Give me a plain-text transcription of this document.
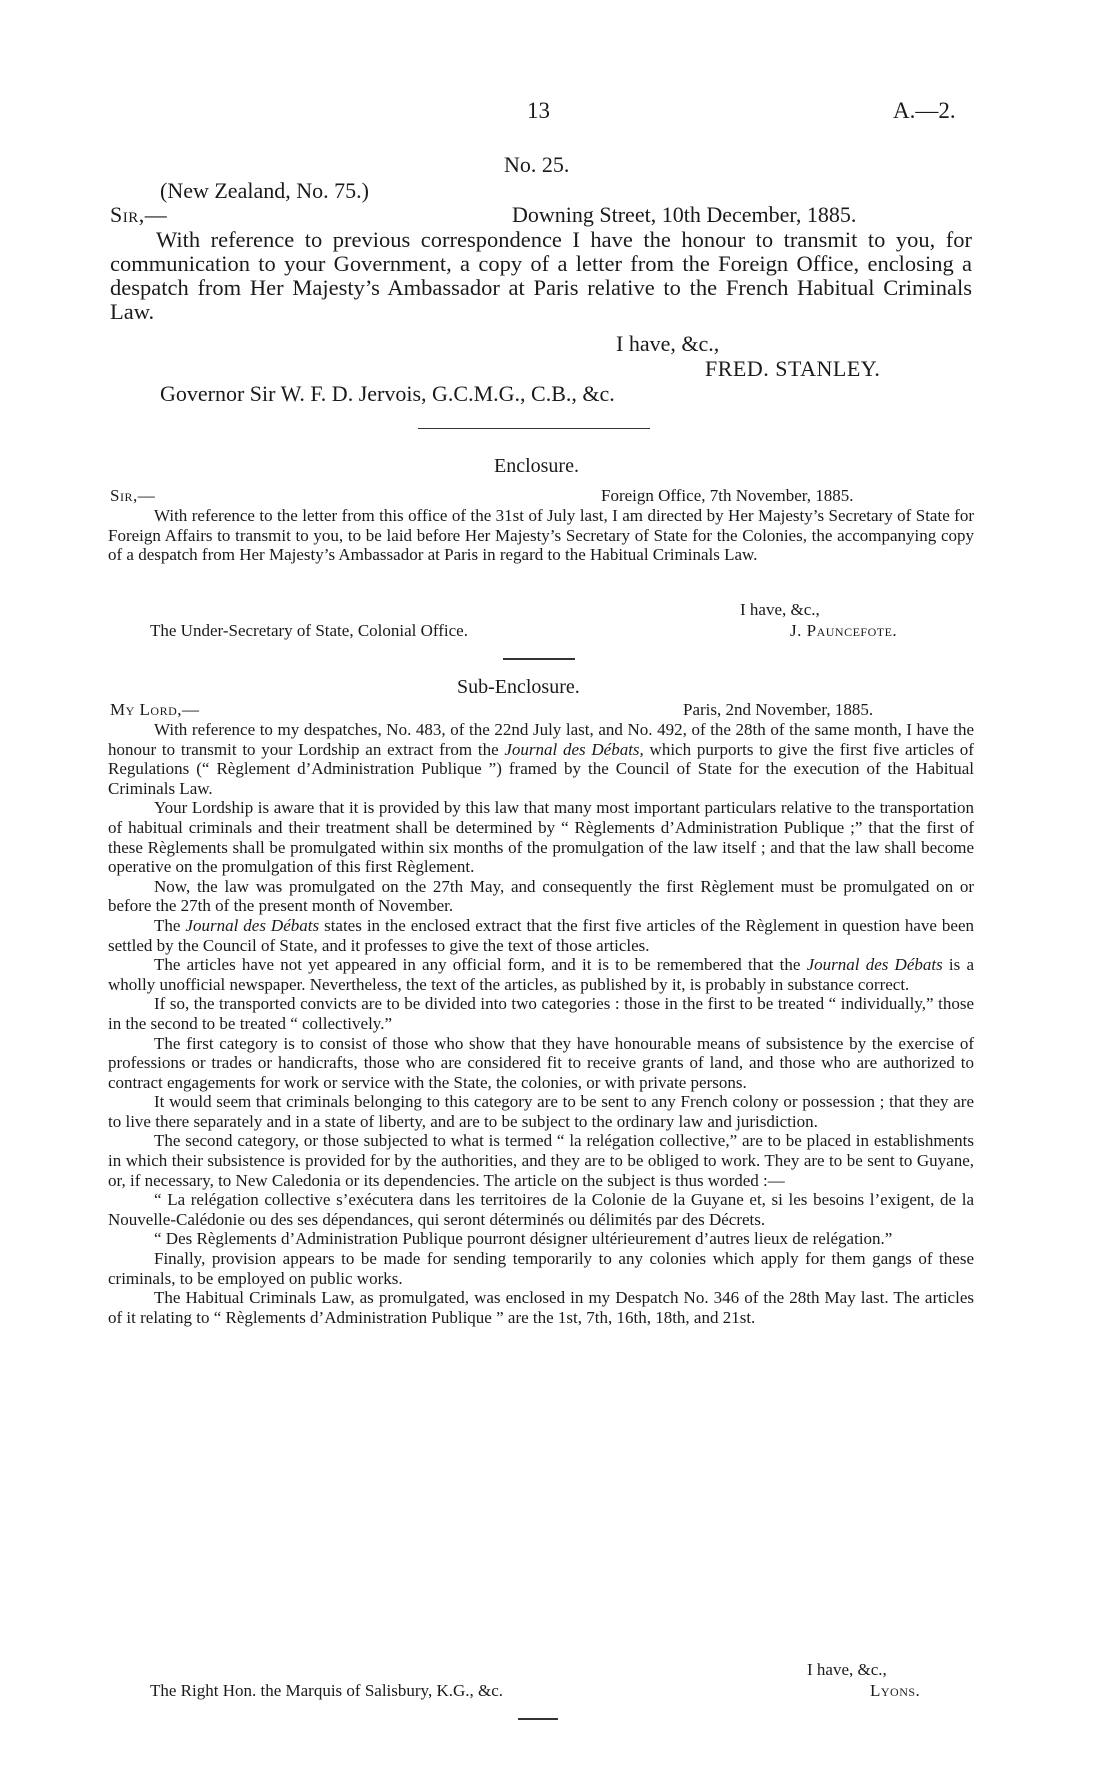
13	A.—2.
No. 25.
(New Zealand, No. 75.)
Sir,—	Downing Street, 10th December, 1885.

With reference to previous correspondence I have the honour to transmit to you, for communication to your Government, a copy of a letter from the Foreign Office, enclosing a despatch from Her Majesty’s Ambassador at Paris relative to the French Habitual Criminals Law.

I have, &c.,
FRED. STANLEY.
Governor Sir W. F. D. Jervois, G.C.M.G., C.B., &c.
Enclosure.
Sir,—	Foreign Office, 7th November, 1885.

With reference to the letter from this office of the 31st of July last, I am directed by Her Majesty’s Secretary of State for Foreign Affairs to transmit to you, to be laid before Her Majesty’s Secretary of State for the Colonies, the accompanying copy of a despatch from Her Majesty’s Ambassador at Paris in regard to the Habitual Criminals Law.

I have, &c.,
The Under-Secretary of State, Colonial Office.	J. Pauncefote.
Sub-Enclosure.
My Lord,—	Paris, 2nd November, 1885.

With reference to my despatches, No. 483, of the 22nd July last, and No. 492, of the 28th of the same month, I have the honour to transmit to your Lordship an extract from the Journal des Débats, which purports to give the first five articles of Regulations (“ Règlement d’Administration Publique ”) framed by the Council of State for the execution of the Habitual Criminals Law.

Your Lordship is aware that it is provided by this law that many most important particulars relative to the transportation of habitual criminals and their treatment shall be determined by “ Règlements d’Administration Publique ;” that the first of these Règlements shall be promulgated within six months of the promulgation of the law itself ; and that the law shall become operative on the promulgation of this first Règlement.

Now, the law was promulgated on the 27th May, and consequently the first Règlement must be promulgated on or before the 27th of the present month of November.

The Journal des Débats states in the enclosed extract that the first five articles of the Règlement in question have been settled by the Council of State, and it professes to give the text of those articles.

The articles have not yet appeared in any official form, and it is to be remembered that the Journal des Débats is a wholly unofficial newspaper. Nevertheless, the text of the articles, as published by it, is probably in substance correct.

If so, the transported convicts are to be divided into two categories : those in the first to be treated “ individually,” those in the second to be treated “ collectively.”

The first category is to consist of those who show that they have honourable means of subsistence by the exercise of professions or trades or handicrafts, those who are considered fit to receive grants of land, and those who are authorized to contract engagements for work or service with the State, the colonies, or with private persons.

It would seem that criminals belonging to this category are to be sent to any French colony or possession ; that they are to live there separately and in a state of liberty, and are to be subject to the ordinary law and jurisdiction.

The second category, or those subjected to what is termed “ la relégation collective,” are to be placed in establishments in which their subsistence is provided for by the authorities, and they are to be obliged to work. They are to be sent to Guyane, or, if necessary, to New Caledonia or its dependencies. The article on the subject is thus worded :—

“ La relégation collective s’exécutera dans les territoires de la Colonie de la Guyane et, si les besoins l’exigent, de la Nouvelle-Calédonie ou des ses dépendances, qui seront déterminés ou délimités par des Décrets.

“ Des Règlements d’Administration Publique pourront désigner ultérieurement d’autres lieux de relégation.”

Finally, provision appears to be made for sending temporarily to any colonies which apply for them gangs of these criminals, to be employed on public works.

The Habitual Criminals Law, as promulgated, was enclosed in my Despatch No. 346 of the 28th May last. The articles of it relating to “ Règlements d’Administration Publique ” are the 1st, 7th, 16th, 18th, and 21st.

I have, &c.,
The Right Hon. the Marquis of Salisbury, K.G., &c.	Lyons.
